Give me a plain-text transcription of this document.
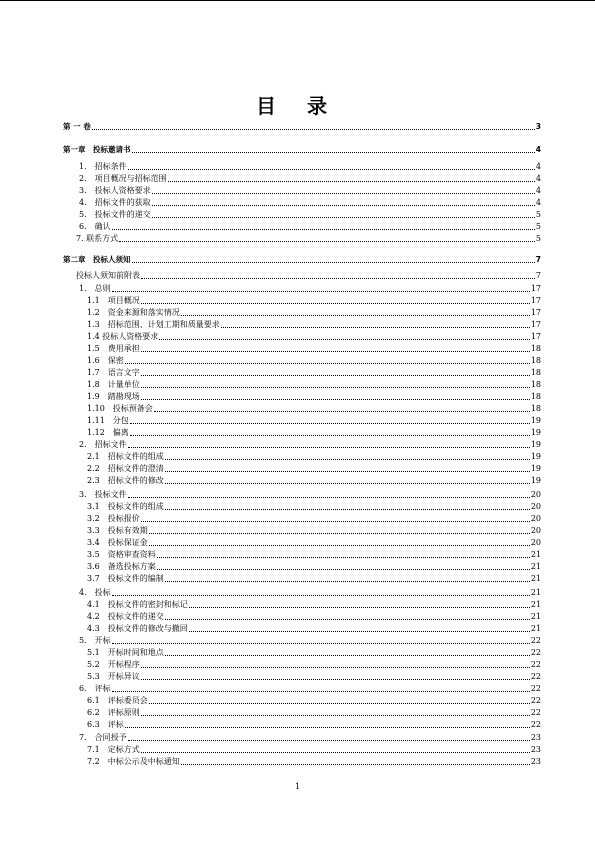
目 录
第 一 卷	3
第一章　投标邀请书	4
1.　招标条件	4
2.　项目概况与招标范围	4
3.　投标人资格要求	4
4.　招标文件的获取	4
5.　投标文件的递交	5
6.　确认	5
7. 联系方式	5
第二章　投标人须知	7
投标人须知前附表	7
1.　总则	17
1.1　项目概况	17
1.2　资金来源和落实情况	17
1.3　招标范围、计划工期和质量要求	17
1.4 投标人资格要求	17
1.5　费用承担	18
1.6　保密	18
1.7　语言文字	18
1.8　计量单位	18
1.9　踏勘现场	18
1.10　投标预备会	18
1.11　分包	19
1.12　偏离	19
2.　招标文件	19
2.1　招标文件的组成	19
2.2　招标文件的澄清	19
2.3　招标文件的修改	19
3.　投标文件	20
3.1　投标文件的组成	20
3.2　投标报价	20
3.3　投标有效期	20
3.4　投标保证金	20
3.5　资格审查资料	21
3.6　备选投标方案	21
3.7　投标文件的编制	21
4.　投标	21
4.1　投标文件的密封和标记	21
4.2　投标文件的递交	21
4.3　投标文件的修改与撤回	21
5.　开标	22
5.1　开标时间和地点	22
5.2　开标程序	22
5.3　开标异议	22
6.　评标	22
6.1　评标委员会	22
6.2　评标原则	22
6.3　评标	22
7.　合同授予	23
7.1　定标方式	23
7.2　中标公示及中标通知	23
1
